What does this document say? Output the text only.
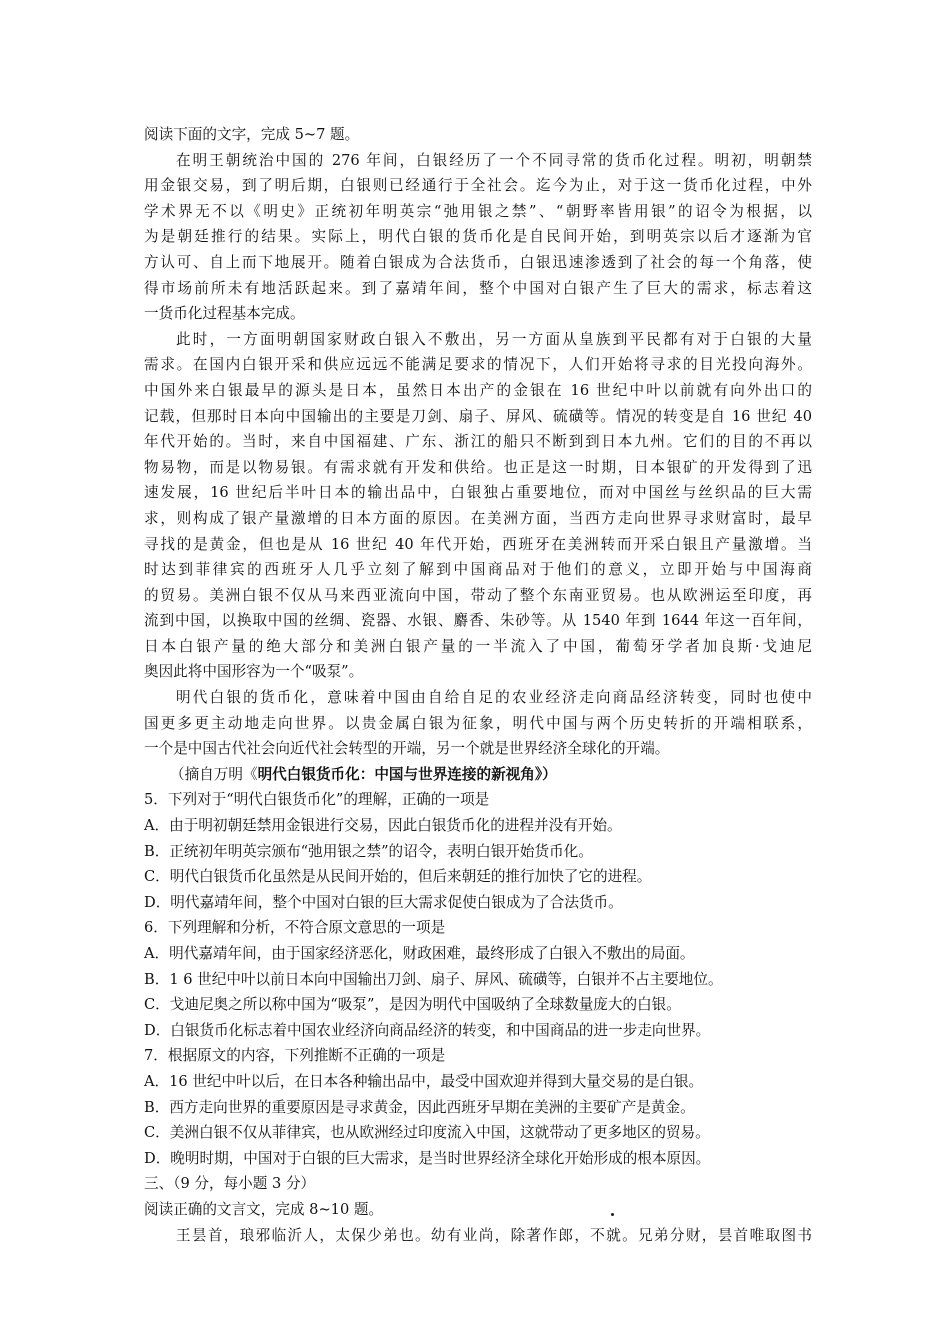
阅读下面的文字，完成 5~7 题。
在明王朝统治中国的 276 年间，白银经历了一个不同寻常的货币化过程。明初，明朝禁
用金银交易，到了明后期，白银则已经通行于全社会。迄今为止，对于这一货币化过程，中外
学术界无不以《明史》正统初年明英宗“弛用银之禁”、“朝野率皆用银”的诏令为根据，以
为是朝廷推行的结果。实际上，明代白银的货币化是自民间开始，到明英宗以后才逐渐为官
方认可、自上而下地展开。随着白银成为合法货币，白银迅速渗透到了社会的每一个角落，使
得市场前所未有地活跃起来。到了嘉靖年间，整个中国对白银产生了巨大的需求，标志着这
一货币化过程基本完成。
此时，一方面明朝国家财政白银入不敷出，另一方面从皇族到平民都有对于白银的大量
需求。在国内白银开采和供应远远不能满足要求的情况下，人们开始将寻求的目光投向海外。
中国外来白银最早的源头是日本，虽然日本出产的金银在 16 世纪中叶以前就有向外出口的
记载，但那时日本向中国输出的主要是刀剑、扇子、屏风、硫磺等。情况的转变是自 16 世纪 40
年代开始的。当时，来自中国福建、广东、浙江的船只不断到到日本九州。它们的目的不再以
物易物，而是以物易银。有需求就有开发和供给。也正是这一时期，日本银矿的开发得到了迅
速发展，16 世纪后半叶日本的输出品中，白银独占重要地位，而对中国丝与丝织品的巨大需
求，则构成了银产量激增的日本方面的原因。在美洲方面，当西方走向世界寻求财富时，最早
寻找的是黄金，但也是从 16 世纪 40 年代开始，西班牙在美洲转而开采白银且产量激增。当
时达到菲律宾的西班牙人几乎立刻了解到中国商品对于他们的意义，立即开始与中国海商
的贸易。美洲白银不仅从马来西亚流向中国，带动了整个东南亚贸易。也从欧洲运至印度，再
流到中国，以换取中国的丝绸、瓷器、水银、麝香、朱砂等。从 1540 年到 1644 年这一百年间，
日本白银产量的绝大部分和美洲白银产量的一半流入了中国，葡萄牙学者加良斯·戈迪尼
奥因此将中国形容为一个“吸泵”。
明代白银的货币化，意味着中国由自给自足的农业经济走向商品经济转变，同时也使中
国更多更主动地走向世界。以贵金属白银为征象，明代中国与两个历史转折的开端相联系，
一个是中国古代社会向近代社会转型的开端，另一个就是世界经济全球化的开端。
（摘自万明《明代白银货币化：中国与世界连接的新视角》）
5．下列对于“明代白银货币化”的理解，正确的一项是
A．由于明初朝廷禁用金银进行交易，因此白银货币化的进程并没有开始。
B．正统初年明英宗颁布“弛用银之禁”的诏令，表明白银开始货币化。
C．明代白银货币化虽然是从民间开始的，但后来朝廷的推行加快了它的进程。
D．明代嘉靖年间，整个中国对白银的巨大需求促使白银成为了合法货币。
6．下列理解和分析，不符合原文意思的一项是
A．明代嘉靖年间，由于国家经济恶化，财政困难，最终形成了白银入不敷出的局面。
B．1 6 世纪中叶以前日本向中国输出刀剑、扇子、屏风、硫磺等，白银并不占主要地位。
C．戈迪尼奥之所以称中国为“吸泵”，是因为明代中国吸纳了全球数量庞大的白银。
D．白银货币化标志着中国农业经济向商品经济的转变，和中国商品的进一步走向世界。
7．根据原文的内容，下列推断不正确的一项是
A．16 世纪中叶以后，在日本各种输出品中，最受中国欢迎并得到大量交易的是白银。
B．西方走向世界的重要原因是寻求黄金，因此西班牙早期在美洲的主要矿产是黄金。
C．美洲白银不仅从菲律宾，也从欧洲经过印度流入中国，这就带动了更多地区的贸易。
D．晚明时期，中国对于白银的巨大需求，是当时世界经济全球化开始形成的根本原因。
三、（9 分，每小题 3 分）
阅读正确的文言文，完成 8~10 题。
王昙首，琅邪临沂人，太保少弟也。幼有业尚，除著作郎，不就。兄弟分财，昙首唯取图书
